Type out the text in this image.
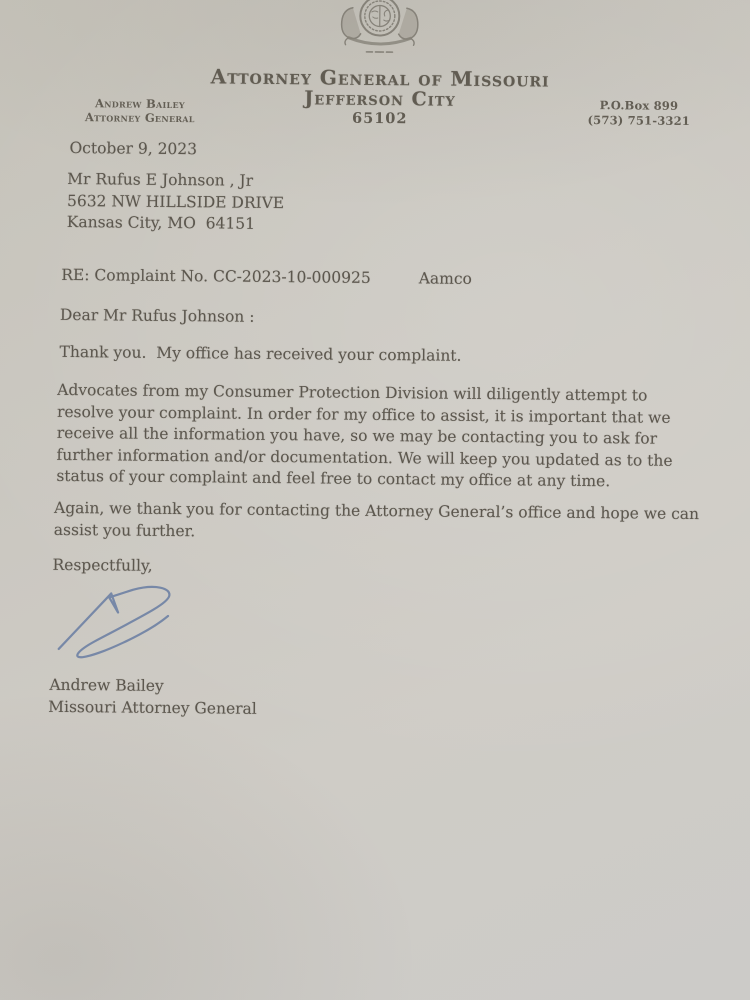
Attorney General of Missouri
Jefferson City
65102
Andrew Bailey
Attorney General
P.O.Box 899
(573) 751-3321
October 9, 2023
Mr Rufus E Johnson , Jr
5632 NW HILLSIDE DRIVE
Kansas City, MO  64151
RE: Complaint No. CC-2023-10-000925	Aamco
Dear Mr Rufus Johnson :
Thank you.  My office has received your complaint.
Advocates from my Consumer Protection Division will diligently attempt to
resolve your complaint. In order for my office to assist, it is important that we
receive all the information you have, so we may be contacting you to ask for
further information and/or documentation. We will keep you updated as to the
status of your complaint and feel free to contact my office at any time.
Again, we thank you for contacting the Attorney General’s office and hope we can
assist you further.
Respectfully,
Andrew Bailey
Missouri Attorney General
